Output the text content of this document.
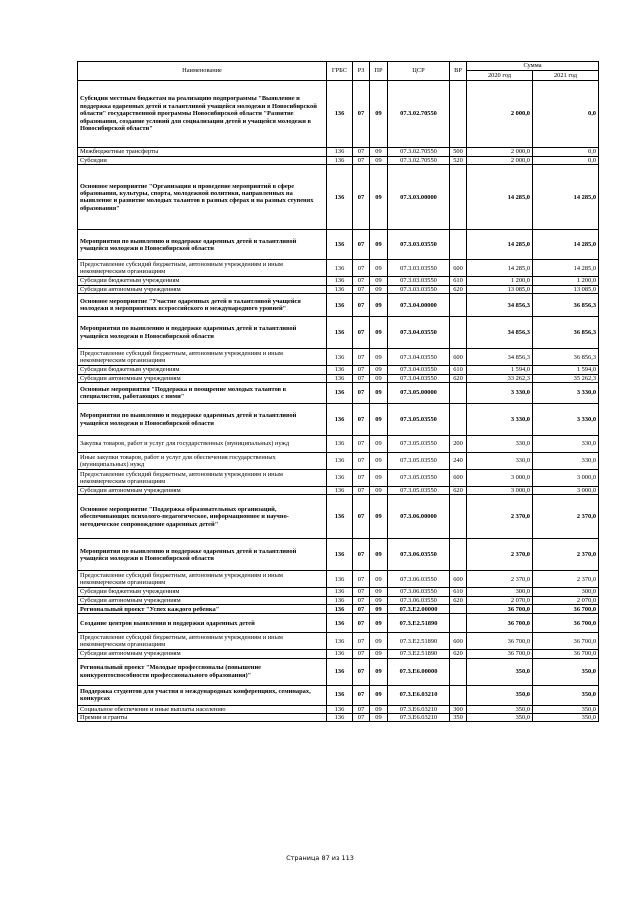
Наименование	ГРБС	РЗ	ПР	ЦСР	ВР	Сумма	
						2020 год	2021 год
Субсидии местным бюджетам на реализацию подпрограммы "Выявление и поддержка одаренных детей и талантливой учащейся молодежи в Новосибирской области" государственной программы Новосибирской области "Развитие образования, создание условий для социализации детей и учащейся молодежи в Новосибирской области"	136	07	09	07.3.02.70550		2 000,0	0,0
Межбюджетные трансферты	136	07	09	07.3.02.70550	500	2 000,0	0,0
Субсидии	136	07	09	07.3.02.70550	520	2 000,0	0,0
Основное мероприятие "Организация и проведение мероприятий в сфере образования, культуры, спорта, молодежной политики, направленных на выявление и развитие молодых талантов в разных сферах и на разных ступенях образования"	136	07	09	07.3.03.00000		14 285,0	14 285,0
Мероприятия по выявлению и поддержке одаренных детей и талантливой учащейся молодежи в Новосибирской области	136	07	09	07.3.03.03550		14 285,0	14 285,0
Предоставление субсидий бюджетным, автономным учреждениям и иным некоммерческим организациям	136	07	09	07.3.03.03550	600	14 285,0	14 285,0
Субсидии бюджетным учреждениям	136	07	09	07.3.03.03550	610	1 200,0	1 200,0
Субсидии автономным учреждениям	136	07	09	07.3.03.03550	620	13 085,0	13 085,0
Основное мероприятие "Участие одаренных детей и талантливой учащейся молодежи в мероприятиях всероссийского и международного уровней"	136	07	09	07.3.04.00000		34 856,3	36 856,3
Мероприятия по выявлению и поддержке одаренных детей и талантливой учащейся молодежи в Новосибирской области	136	07	09	07.3.04.03550		34 856,3	36 856,3
Предоставление субсидий бюджетным, автономным учреждениям и иным некоммерческим организациям	136	07	09	07.3.04.03550	600	34 856,3	36 856,3
Субсидии бюджетным учреждениям	136	07	09	07.3.04.03550	610	1 594,0	1 594,0
Субсидии автономным учреждениям	136	07	09	07.3.04.03550	620	33 262,3	35 262,3
Основные мероприятия "Поддержка и поощрение молодых талантов в специалистов, работающих с ними"	136	07	09	07.3.05.00000		3 330,0	3 330,0
Мероприятия по выявлению и поддержке одаренных детей и талантливой учащейся молодежи в Новосибирской области	136	07	09	07.3.05.03550		3 330,0	3 330,0
Закупка товаров, работ и услуг для государственных (муниципальных) нужд	136	07	09	07.3.05.03550	200	330,0	330,0
Иные закупки товаров, работ и услуг для обеспечения государственных (муниципальных) нужд	136	07	09	07.3.05.03550	240	330,0	330,0
Предоставление субсидий бюджетным, автономным учреждениям и иным некоммерческим организациям	136	07	09	07.3.05.03550	600	3 000,0	3 000,0
Субсидии автономным учреждениям	136	07	09	07.3.05.03550	620	3 000,0	3 000,0
Основное мероприятие "Поддержка образовательных организаций, обеспечивающих психолого-педагогическое, информационное и научно-методическое сопровождение одаренных детей"	136	07	09	07.3.06.00000		2 370,0	2 370,0
Мероприятия по выявлению и поддержке одаренных детей и талантливой учащейся молодежи в Новосибирской области	136	07	09	07.3.06.03550		2 370,0	2 370,0
Предоставление субсидий бюджетным, автономным учреждениям и иным некоммерческим организациям	136	07	09	07.3.06.03550	600	2 370,0	2 370,0
Субсидии бюджетным учреждениям	136	07	09	07.3.06.03550	610	300,0	300,0
Субсидии автономным учреждениям	136	07	09	07.3.06.03550	620	2 070,0	2 070,0
Региональный проект "Успех каждого ребенка"	136	07	09	07.3.E2.00000		36 700,0	36 700,0
Создание центров выявления и поддержки одаренных детей	136	07	09	07.3.E2.51890		36 700,0	36 700,0
Предоставление субсидий бюджетным, автономным учреждениям и иным некоммерческим организациям	136	07	09	07.3.E2.51890	600	36 700,0	36 700,0
Субсидии автономным учреждениям	136	07	09	07.3.E2.51890	620	36 700,0	36 700,0
Региональный проект "Молодые профессионалы (повышение конкурентоспособности профессионального образования)"	136	07	09	07.3.E6.00000		350,0	350,0
Поддержка студентов для участия в международных конференциях, семинарах, конкурсах	136	07	09	07.3.E6.03210		350,0	350,0
Социальное обеспечение и иные выплаты населению	136	07	09	07.3.E6.03210	300	350,0	350,0
Премии и гранты	136	07	09	07.3.E6.03210	350	350,0	350,0
Страница 87 из 113
